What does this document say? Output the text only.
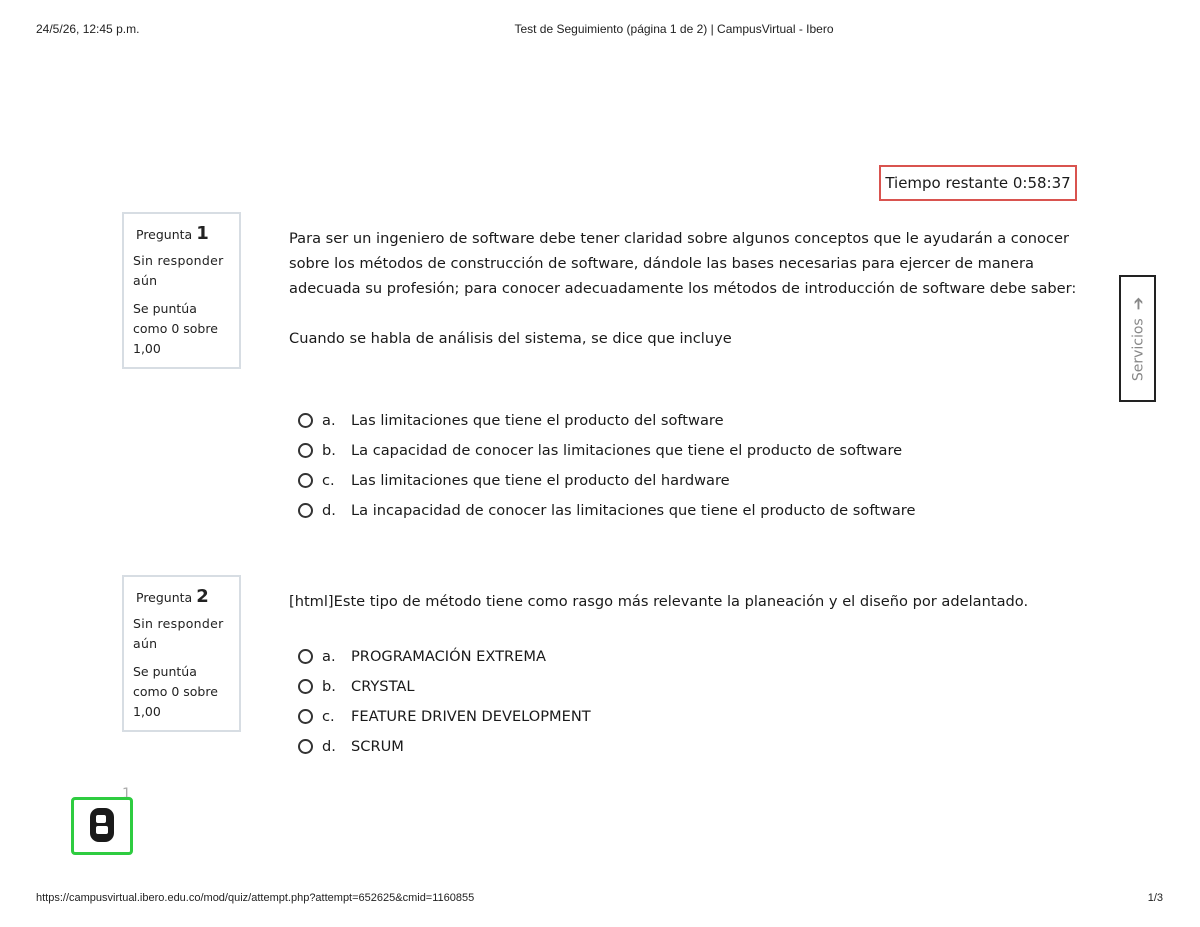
24/5/26, 12:45 p.m.	Test de Seguimiento (página 1 de 2) | CampusVirtual - Ibero
Tiempo restante 0:58:37
Pregunta 1
Sin responder aún
Se puntúa como 0 sobre 1,00
Para ser un ingeniero de software debe tener claridad sobre algunos conceptos que le ayudarán a conocer sobre los métodos de construcción de software, dándole las bases necesarias para ejercer de manera adecuada su profesión; para conocer adecuadamente los métodos de introducción de software debe saber:
Cuando se habla de análisis del sistema, se dice que incluye
a.	Las limitaciones que tiene el producto del software
b.	La capacidad de conocer las limitaciones que tiene el producto de software
c.	Las limitaciones que tiene el producto del hardware
d.	La incapacidad de conocer las limitaciones que tiene el producto de software
Pregunta 2
Sin responder aún
Se puntúa como 0 sobre 1,00
[html]Este tipo de método tiene como rasgo más relevante la planeación y el diseño por adelantado.
a.	PROGRAMACIÓN EXTREMA
b.	CRYSTAL
c.	FEATURE DRIVEN DEVELOPMENT
d.	SCRUM
Servicios
➔
1
https://campusvirtual.ibero.edu.co/mod/quiz/attempt.php?attempt=652625&cmid=1160855	1/3
